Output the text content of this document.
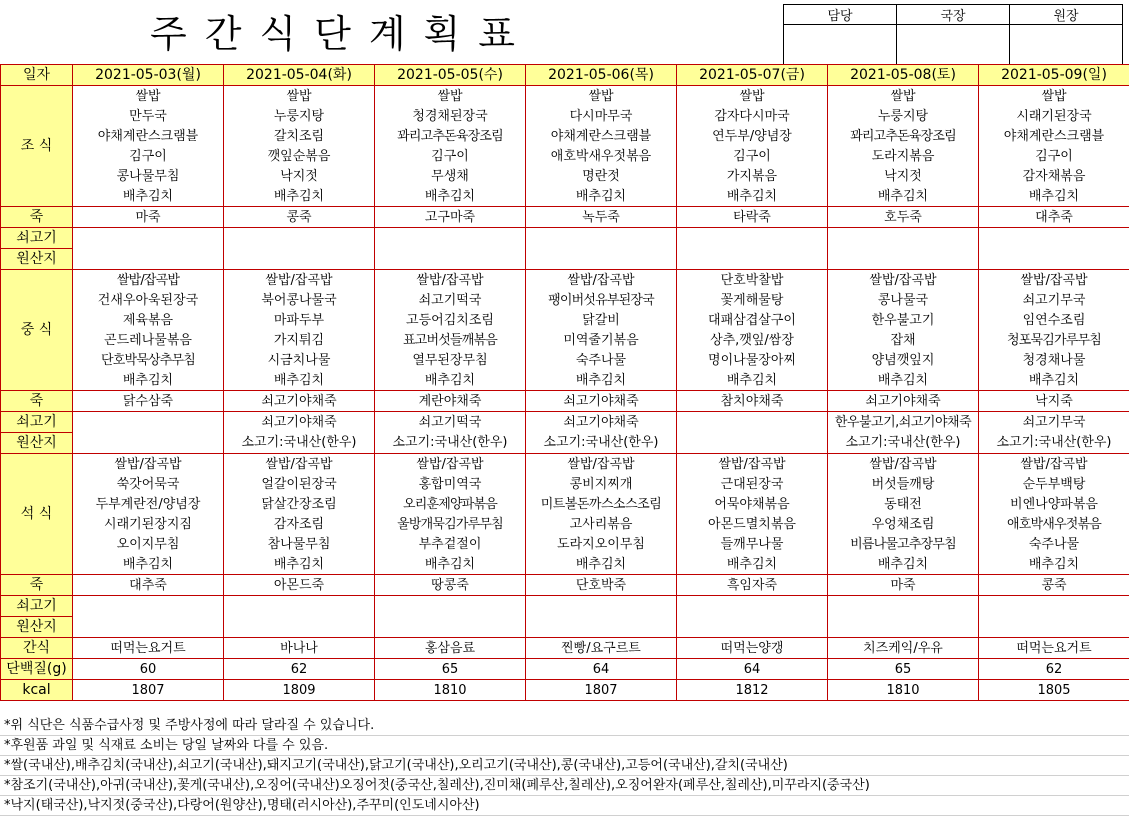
주간식단계획표	담당	국장	원장

일자	2021-05-03(월)	2021-05-04(화)	2021-05-05(수)	2021-05-06(목)	2021-05-07(금)	2021-05-08(토)	2021-05-09(일)
조 식	쌀밥	쌀밥	쌀밥	쌀밥	쌀밥	쌀밥	쌀밥
	만두국	누룽지탕	청경채된장국	다시마무국	감자다시마국	누룽지탕	시래기된장국
	야채계란스크램블	갈치조림	꽈리고추돈육장조림	야채계란스크램블	연두부/양념장	꽈리고추돈육장조림	야채계란스크램블
	김구이	깻잎순볶음	김구이	애호박새우젓볶음	김구이	도라지볶음	김구이
	콩나물무침	낙지젓	무생채	명란젓	가지볶음	낙지젓	감자채볶음
	배추김치	배추김치	배추김치	배추김치	배추김치	배추김치	배추김치
죽	마죽	콩죽	고구마죽	녹두죽	타락죽	호두죽	대추죽
쇠고기							
원산지							
중 식	쌀밥/잡곡밥	쌀밥/잡곡밥	쌀밥/잡곡밥	쌀밥/잡곡밥	단호박찰밥	쌀밥/잡곡밥	쌀밥/잡곡밥
	건새우아욱된장국	북어콩나물국	쇠고기떡국	팽이버섯유부된장국	꽃게해물탕	콩나물국	쇠고기무국
	제육볶음	마파두부	고등어김치조림	닭갈비	대패삼겹살구이	한우불고기	임연수조림
	곤드레나물볶음	가지튀김	표고버섯들깨볶음	미역줄기볶음	상추,깻잎/쌈장	잡채	청포묵김가루무침
	단호박묵상추무침	시금치나물	열무된장무침	숙주나물	명이나물장아찌	양념깻잎지	청경채나물
	배추김치	배추김치	배추김치	배추김치	배추김치	배추김치	배추김치
죽	닭수삼죽	쇠고기야채죽	계란야채죽	쇠고기야채죽	참치야채죽	쇠고기야채죽	낙지죽
쇠고기		쇠고기야채죽	쇠고기떡국	쇠고기야채죽		한우불고기,쇠고기야채죽	쇠고기무국
원산지		소고기:국내산(한우)	소고기:국내산(한우)	소고기:국내산(한우)		소고기:국내산(한우)	소고기:국내산(한우)
석 식	쌀밥/잡곡밥	쌀밥/잡곡밥	쌀밥/잡곡밥	쌀밥/잡곡밥	쌀밥/잡곡밥	쌀밥/잡곡밥	쌀밥/잡곡밥
	쑥갓어묵국	얼갈이된장국	홍합미역국	콩비지찌개	근대된장국	버섯들깨탕	순두부백탕
	두부계란전/양념장	닭살간장조림	오리훈제양파볶음	미트볼돈까스소스조림	어묵야채볶음	동태전	비엔나양파볶음
	시래기된장지짐	감자조림	울방개묵김가루무침	고사리볶음	아몬드멸치볶음	우엉채조림	애호박새우젓볶음
	오이지무침	참나물무침	부추겉절이	도라지오이무침	들깨무나물	비름나물고추장무침	숙주나물
	배추김치	배추김치	배추김치	배추김치	배추김치	배추김치	배추김치
죽	대추죽	아몬드죽	땅콩죽	단호박죽	흑임자죽	마죽	콩죽
쇠고기							
원산지							
간식	떠먹는요거트	바나나	홍삼음료	찐빵/요구르트	떠먹는양갱	치즈케익/우유	떠먹는요거트
단백질(g)	60	62	65	64	64	65	62
kcal	1807	1809	1810	1807	1812	1810	1805
*위 식단은 식품수급사정 및 주방사정에 따라 달라질 수 있습니다.
*후원품 과일 및 식재료 소비는 당일 날짜와 다를 수 있음.
*쌀(국내산),배추김치(국내산),쇠고기(국내산),돼지고기(국내산),닭고기(국내산),오리고기(국내산),콩(국내산),고등어(국내산),갈치(국내산)
*참조기(국내산),아귀(국내산),꽃게(국내산),오징어(국내산)오징어젓(중국산,칠레산),진미채(페루산,칠레산),오징어완자(페루산,칠레산),미꾸라지(중국산)
*낙지(태국산),낙지젓(중국산),다랑어(원양산),명태(러시아산),주꾸미(인도네시아산)
